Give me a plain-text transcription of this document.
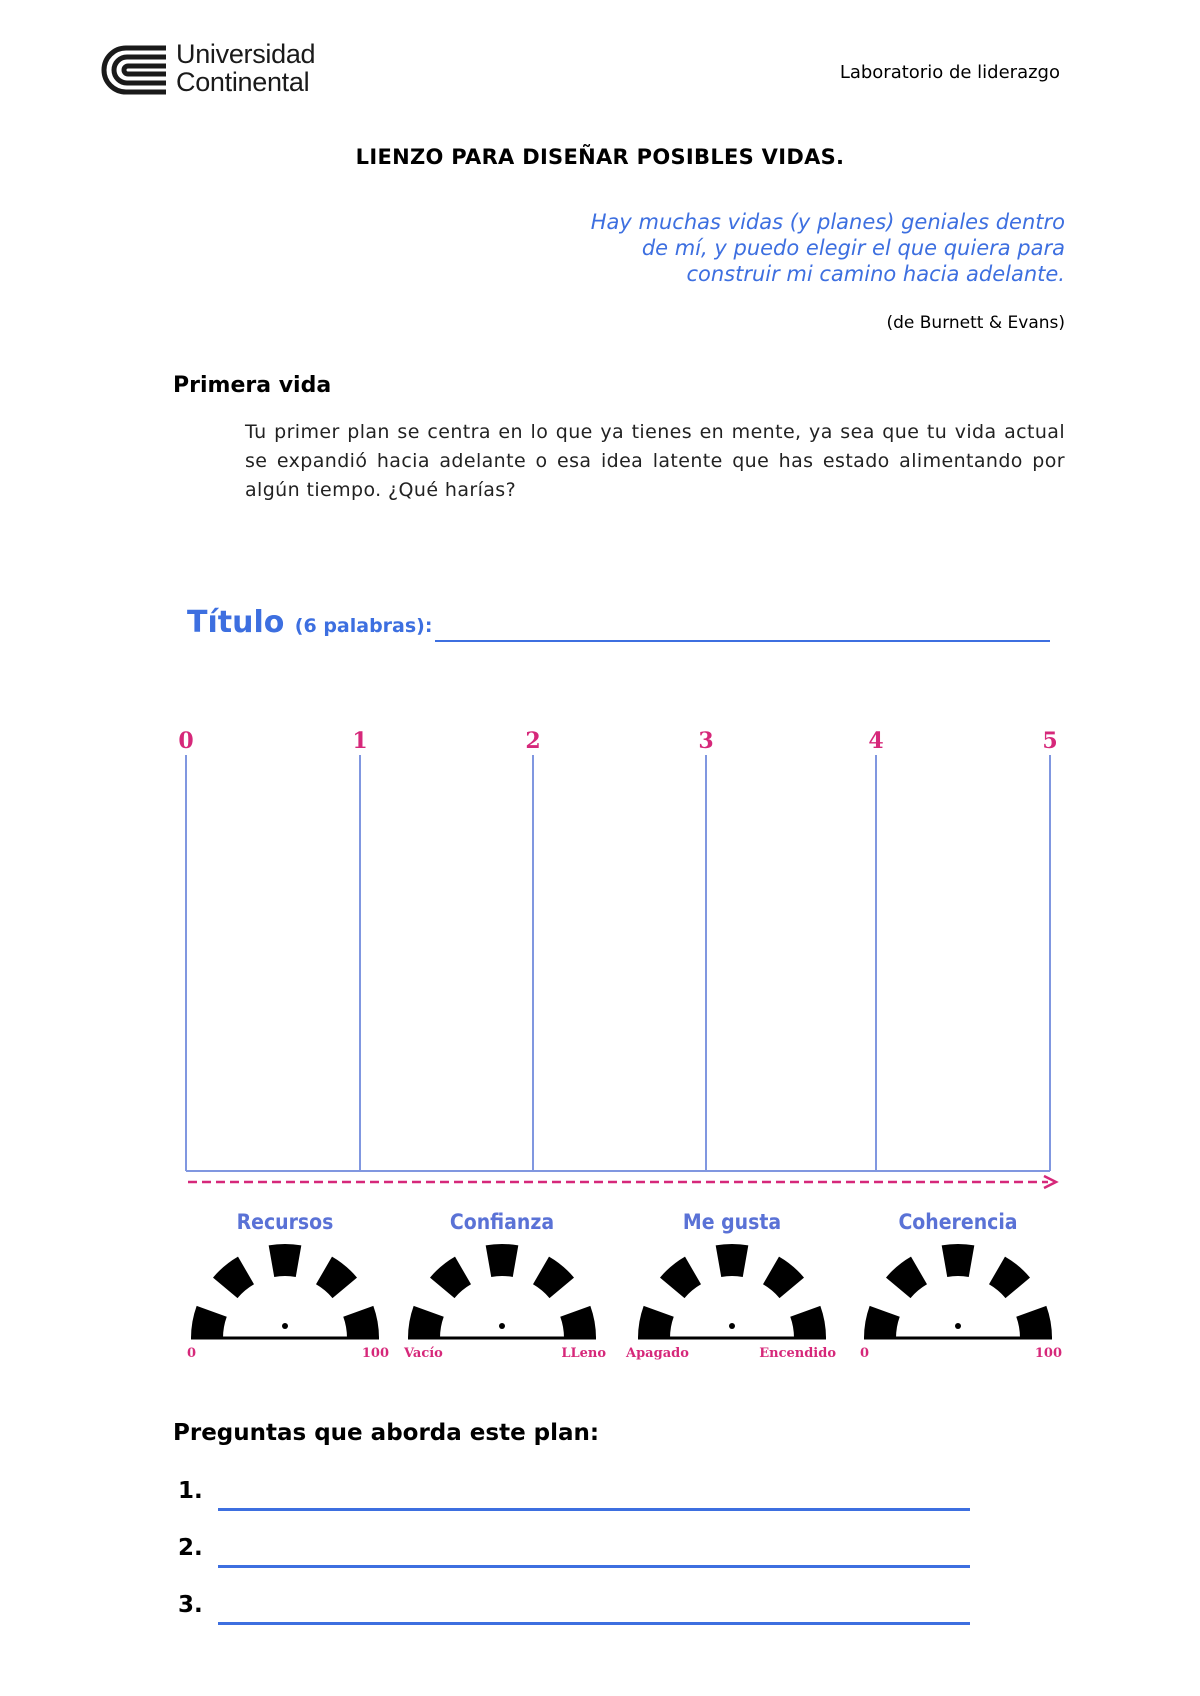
Universidad
Continental	Laboratorio de liderazgo
LIENZO PARA DISEÑAR POSIBLES VIDAS.
Hay muchas vidas (y planes) geniales dentro de mí, y puedo elegir el que quiera para construir mi camino hacia adelante.
(de Burnett & Evans)
Primera vida
Tu primer plan se centra en lo que ya tienes en mente, ya sea que tu vida actual se expandió hacia adelante o esa idea latente que has estado alimentando por algún tiempo. ¿Qué harías?
Título (6 palabras):
0	1	2	3	4	5
Recursos
0	100
Confianza
Vacío	LLeno
Me gusta
Apagado	Encendido
Coherencia
0	100
Preguntas que aborda este plan:
1.
2.
3.
